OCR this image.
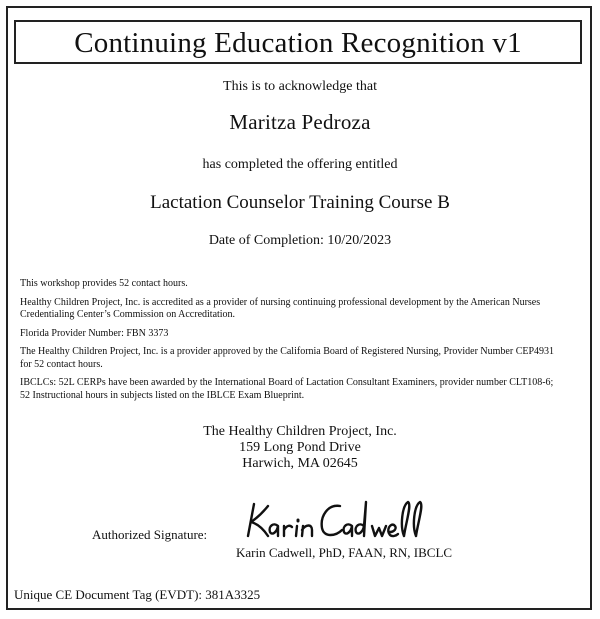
Continuing Education Recognition v1
This is to acknowledge that
Maritza Pedroza
has completed the offering entitled
Lactation Counselor Training Course B
Date of Completion: 10/20/2023

This workshop provides 52 contact hours.

Healthy Children Project, Inc. is accredited as a provider of nursing continuing professional development by the American Nurses Credentialing Center’s Commission on Accreditation.

Florida Provider Number: FBN 3373

The Healthy Children Project, Inc. is a provider approved by the California Board of Registered Nursing, Provider Number CEP4931 for 52 contact hours.

IBCLCs: 52L CERPs have been awarded by the International Board of Lactation Consultant Examiners, provider number CLT108-6; 52 Instructional hours in subjects listed on the IBLCE Exam Blueprint.

The Healthy Children Project, Inc.
159 Long Pond Drive
Harwich, MA 02645
Authorized Signature:
Karin Cadwell, PhD, FAAN, RN, IBCLC
Unique CE Document Tag (EVDT): 381A3325
